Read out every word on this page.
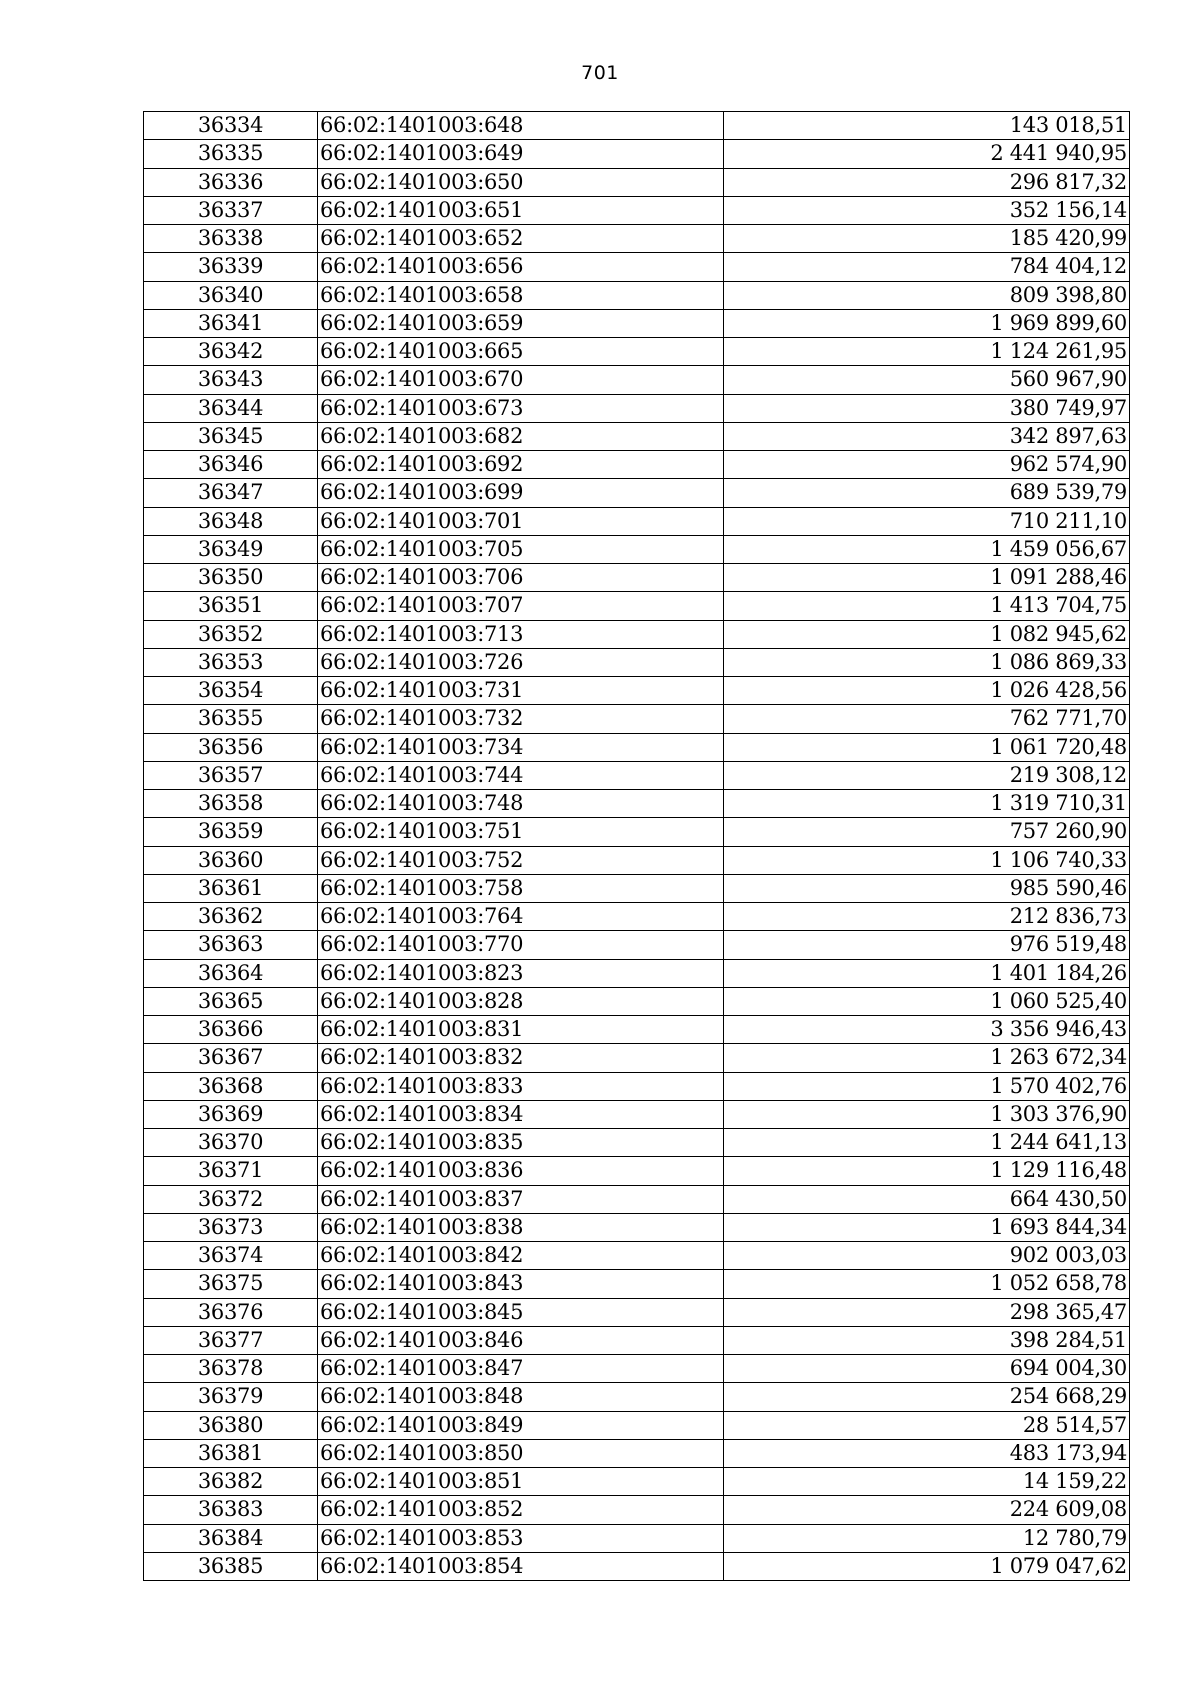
701
36334	66:02:1401003:648	143 018,51
36335	66:02:1401003:649	2 441 940,95
36336	66:02:1401003:650	296 817,32
36337	66:02:1401003:651	352 156,14
36338	66:02:1401003:652	185 420,99
36339	66:02:1401003:656	784 404,12
36340	66:02:1401003:658	809 398,80
36341	66:02:1401003:659	1 969 899,60
36342	66:02:1401003:665	1 124 261,95
36343	66:02:1401003:670	560 967,90
36344	66:02:1401003:673	380 749,97
36345	66:02:1401003:682	342 897,63
36346	66:02:1401003:692	962 574,90
36347	66:02:1401003:699	689 539,79
36348	66:02:1401003:701	710 211,10
36349	66:02:1401003:705	1 459 056,67
36350	66:02:1401003:706	1 091 288,46
36351	66:02:1401003:707	1 413 704,75
36352	66:02:1401003:713	1 082 945,62
36353	66:02:1401003:726	1 086 869,33
36354	66:02:1401003:731	1 026 428,56
36355	66:02:1401003:732	762 771,70
36356	66:02:1401003:734	1 061 720,48
36357	66:02:1401003:744	219 308,12
36358	66:02:1401003:748	1 319 710,31
36359	66:02:1401003:751	757 260,90
36360	66:02:1401003:752	1 106 740,33
36361	66:02:1401003:758	985 590,46
36362	66:02:1401003:764	212 836,73
36363	66:02:1401003:770	976 519,48
36364	66:02:1401003:823	1 401 184,26
36365	66:02:1401003:828	1 060 525,40
36366	66:02:1401003:831	3 356 946,43
36367	66:02:1401003:832	1 263 672,34
36368	66:02:1401003:833	1 570 402,76
36369	66:02:1401003:834	1 303 376,90
36370	66:02:1401003:835	1 244 641,13
36371	66:02:1401003:836	1 129 116,48
36372	66:02:1401003:837	664 430,50
36373	66:02:1401003:838	1 693 844,34
36374	66:02:1401003:842	902 003,03
36375	66:02:1401003:843	1 052 658,78
36376	66:02:1401003:845	298 365,47
36377	66:02:1401003:846	398 284,51
36378	66:02:1401003:847	694 004,30
36379	66:02:1401003:848	254 668,29
36380	66:02:1401003:849	28 514,57
36381	66:02:1401003:850	483 173,94
36382	66:02:1401003:851	14 159,22
36383	66:02:1401003:852	224 609,08
36384	66:02:1401003:853	12 780,79
36385	66:02:1401003:854	1 079 047,62
